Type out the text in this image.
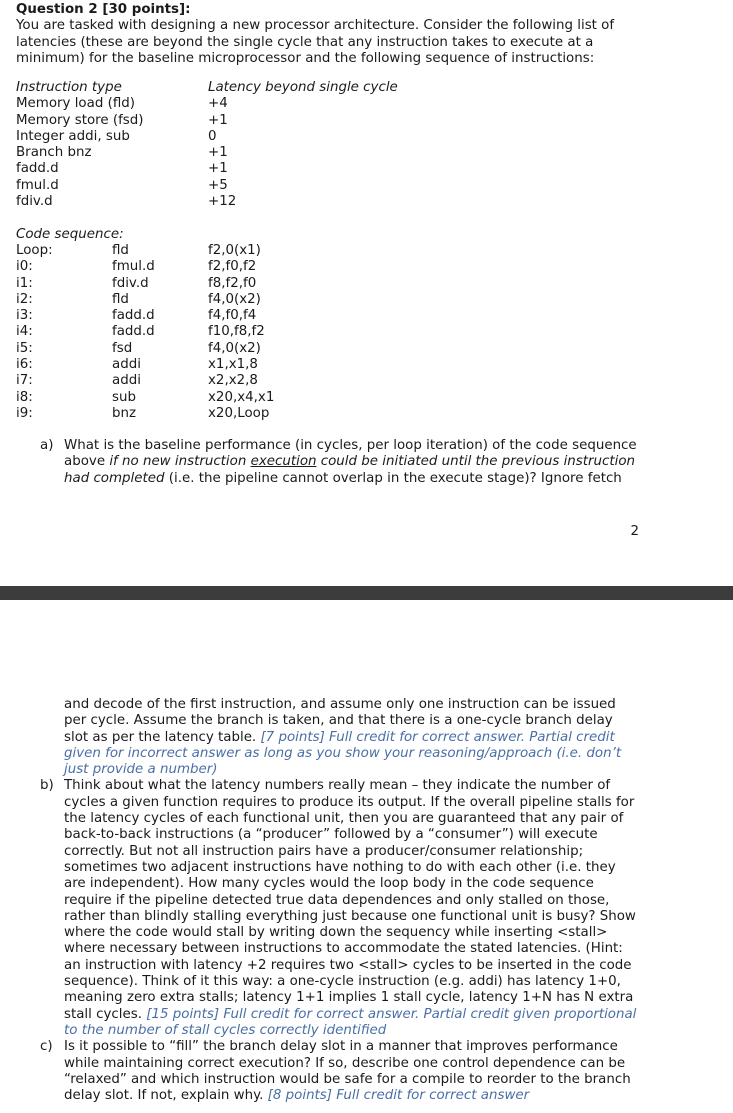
Question 2 [30 points]:

You are tasked with designing a new processor architecture. Consider the following list of latencies (these are beyond the single cycle that any instruction takes to execute at a minimum) for the baseline microprocessor and the following sequence of instructions:

Instruction type	Latency beyond single cycle
Memory load (fld)	+4
Memory store (fsd)	+1
Integer addi, sub	0
Branch bnz	+1
fadd.d	+1
fmul.d	+5
fdiv.d	+12
Code sequence:
Loop:	fld	f2,0(x1)
i0:	fmul.d	f2,f0,f2
i1:	fdiv.d	f8,f2,f0
i2:	fld	f4,0(x2)
i3:	fadd.d	f4,f0,f4
i4:	fadd.d	f10,f8,f2
i5:	fsd	f4,0(x2)
i6:	addi	x1,x1,8
i7:	addi	x2,x2,8
i8:	sub	x20,x4,x1
i9:	bnz	x20,Loop
a) What is the baseline performance (in cycles, per loop iteration) of the code sequence above if no new instruction execution could be initiated until the previous instruction had completed (i.e. the pipeline cannot overlap in the execute stage)? Ignore fetch

2

and decode of the first instruction, and assume only one instruction can be issued per cycle. Assume the branch is taken, and that there is a one-cycle branch delay slot as per the latency table. [7 points] Full credit for correct answer. Partial credit given for incorrect answer as long as you show your reasoning/approach (i.e. don’t just provide a number)

b) Think about what the latency numbers really mean – they indicate the number of cycles a given function requires to produce its output. If the overall pipeline stalls for the latency cycles of each functional unit, then you are guaranteed that any pair of back-to-back instructions (a “producer” followed by a “consumer”) will execute correctly. But not all instruction pairs have a producer/consumer relationship; sometimes two adjacent instructions have nothing to do with each other (i.e. they are independent). How many cycles would the loop body in the code sequence require if the pipeline detected true data dependences and only stalled on those, rather than blindly stalling everything just because one functional unit is busy? Show where the code would stall by writing down the sequency while inserting <stall> where necessary between instructions to accommodate the stated latencies. (Hint: an instruction with latency +2 requires two <stall> cycles to be inserted in the code sequence). Think of it this way: a one-cycle instruction (e.g. addi) has latency 1+0, meaning zero extra stalls; latency 1+1 implies 1 stall cycle, latency 1+N has N extra stall cycles. [15 points] Full credit for correct answer. Partial credit given proportional to the number of stall cycles correctly identified

c) Is it possible to “fill” the branch delay slot in a manner that improves performance while maintaining correct execution? If so, describe one control dependence can be “relaxed” and which instruction would be safe for a compile to reorder to the branch delay slot. If not, explain why. [8 points] Full credit for correct answer
